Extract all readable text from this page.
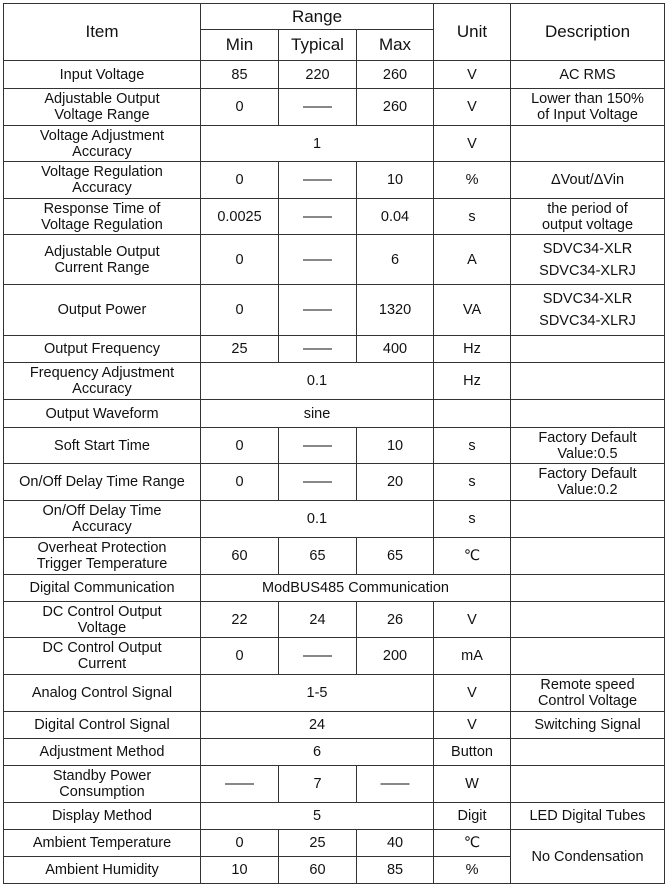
Item	Range			Unit	Description
	Min	Typical	Max		
Input Voltage	85	220	260	V	AC RMS
Adjustable Output
Voltage Range	0	——	260	V	Lower than 150%
of Input Voltage
Voltage Adjustment
Accuracy	1			V	
Voltage Regulation
Accuracy	0	——	10	%	ΔVout/ΔVin
Response Time of
Voltage Regulation	0.0025	——	0.04	s	the period of
output voltage
Adjustable Output
Current Range	0	——	6	A	SDVC34-XLR
SDVC34-XLRJ
Output Power	0	——	1320	VA	SDVC34-XLR
SDVC34-XLRJ
Output Frequency	25	——	400	Hz	
Frequency Adjustment
Accuracy	0.1			Hz	
Output Waveform	sine				
Soft Start Time	0	——	10	s	Factory Default
Value:0.5
On/Off Delay Time Range	0	——	20	s	Factory Default
Value:0.2
On/Off Delay Time
Accuracy	0.1			s	
Overheat Protection
Trigger Temperature	60	65	65	℃	
Digital Communication	ModBUS485 Communication				
DC Control Output
Voltage	22	24	26	V	
DC Control Output
Current	0	——	200	mA	
Analog Control Signal	1-5			V	Remote speed
Control Voltage
Digital Control Signal	24			V	Switching Signal
Adjustment Method	6			Button	
Standby Power
Consumption	——	7	——	W	
Display Method	5			Digit	LED Digital Tubes
Ambient Temperature	0	25	40	℃	No Condensation
Ambient Humidity	10	60	85	%	
